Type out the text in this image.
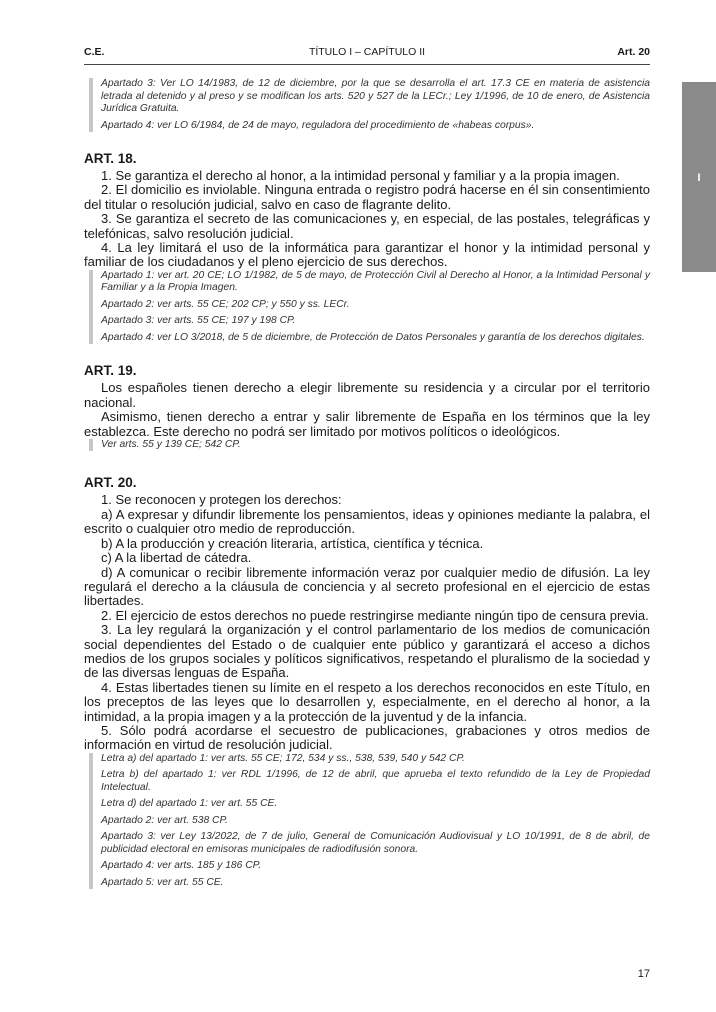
C.E.	TÍTULO I – CAPÍTULO II	Art. 20
I

Apartado 3: Ver LO 14/1983, de 12 de diciembre, por la que se desarrolla el art. 17.3 CE en materia de asistencia letrada al detenido y al preso y se modifican los arts. 520 y 527 de la LECr.; Ley 1/1996, de 10 de enero, de Asistencia Jurídica Gratuita.

Apartado 4: ver LO 6/1984, de 24 de mayo, reguladora del procedimiento de «habeas corpus».

ART. 18.

1. Se garantiza el derecho al honor, a la intimidad personal y familiar y a la propia imagen.

2. El domicilio es inviolable. Ninguna entrada o registro podrá hacerse en él sin consentimiento del titular o resolución judicial, salvo en caso de flagrante delito.

3. Se garantiza el secreto de las comunicaciones y, en especial, de las postales, telegráficas y telefónicas, salvo resolución judicial.

4. La ley limitará el uso de la informática para garantizar el honor y la intimidad personal y familiar de los ciudadanos y el pleno ejercicio de sus derechos.

Apartado 1: ver art. 20 CE; LO 1/1982, de 5 de mayo, de Protección Civil al Derecho al Honor, a la Intimidad Personal y Familiar y a la Propia Imagen.

Apartado 2: ver arts. 55 CE; 202 CP; y 550 y ss. LECr.

Apartado 3: ver arts. 55 CE; 197 y 198 CP.

Apartado 4: ver LO 3/2018, de 5 de diciembre, de Protección de Datos Personales y garantía de los derechos digitales.

ART. 19.

Los españoles tienen derecho a elegir libremente su residencia y a circular por el territorio nacional.

Asimismo, tienen derecho a entrar y salir libremente de España en los términos que la ley establezca. Este derecho no podrá ser limitado por motivos políticos o ideológicos.

Ver arts. 55 y 139 CE; 542 CP.

ART. 20.

1. Se reconocen y protegen los derechos:

a) A expresar y difundir libremente los pensamientos, ideas y opiniones mediante la palabra, el escrito o cualquier otro medio de reproducción.

b) A la producción y creación literaria, artística, científica y técnica.

c) A la libertad de cátedra.

d) A comunicar o recibir libremente información veraz por cualquier medio de difusión. La ley regulará el derecho a la cláusula de conciencia y al secreto profesional en el ejercicio de estas libertades.

2. El ejercicio de estos derechos no puede restringirse mediante ningún tipo de censura previa.

3. La ley regulará la organización y el control parlamentario de los medios de comunicación social dependientes del Estado o de cualquier ente público y garantizará el acceso a dichos medios de los grupos sociales y políticos significativos, respetando el pluralismo de la sociedad y de las diversas lenguas de España.

4. Estas libertades tienen su límite en el respeto a los derechos reconocidos en este Título, en los preceptos de las leyes que lo desarrollen y, especialmente, en el derecho al honor, a la intimidad, a la propia imagen y a la protección de la juventud y de la infancia.

5. Sólo podrá acordarse el secuestro de publicaciones, grabaciones y otros medios de información en virtud de resolución judicial.

Letra a) del apartado 1: ver arts. 55 CE; 172, 534 y ss., 538, 539, 540 y 542 CP.

Letra b) del apartado 1: ver RDL 1/1996, de 12 de abril, que aprueba el texto refundido de la Ley de Propiedad Intelectual.

Letra d) del apartado 1: ver art. 55 CE.

Apartado 2: ver art. 538 CP.

Apartado 3: ver Ley 13/2022, de 7 de julio, General de Comunicación Audiovisual y LO 10/1991, de 8 de abril, de publicidad electoral en emisoras municipales de radiodifusión sonora.

Apartado 4: ver arts. 185 y 186 CP.

Apartado 5: ver art. 55 CE.

17
